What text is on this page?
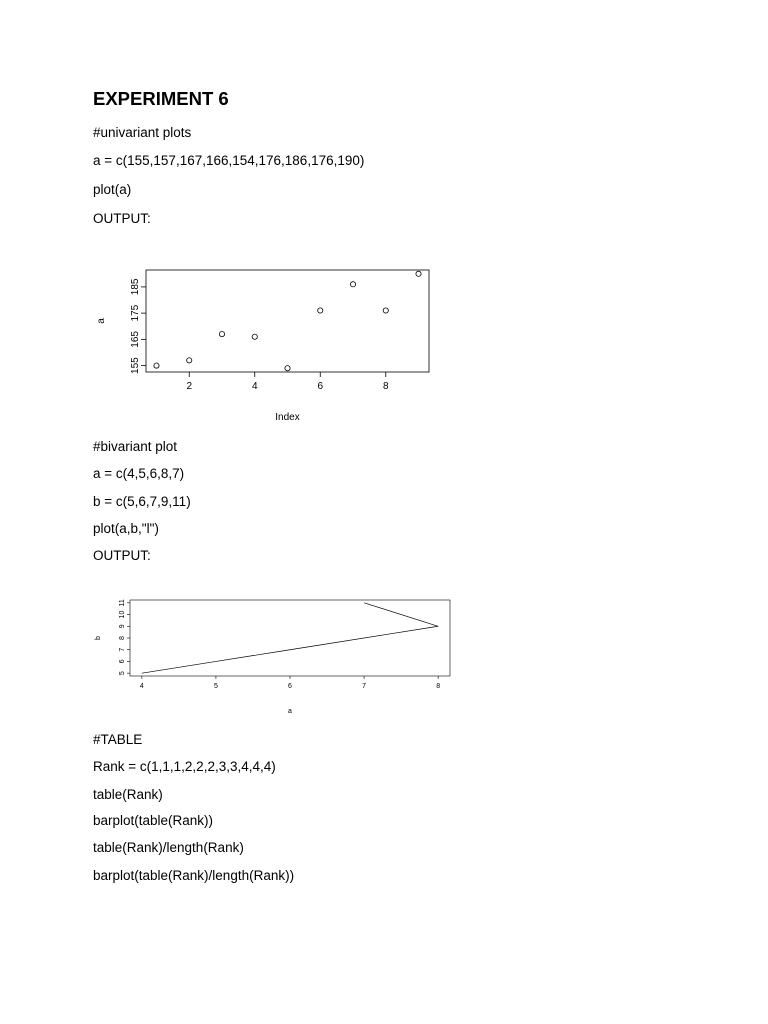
EXPERIMENT 6
#univariant plots
a = c(155,157,167,166,154,176,186,176,190)
plot(a)
OUTPUT:
2	4	6	8
155
165
175
185
Index
a
#bivariant plot
a = c(4,5,6,8,7)
b = c(5,6,7,9,11)
plot(a,b,"l")
OUTPUT:
4	5	6	7	8
5
6
7
8
9
10
11
a
b
#TABLE
Rank = c(1,1,1,2,2,2,3,3,4,4,4)
table(Rank)
barplot(table(Rank))
table(Rank)/length(Rank)
barplot(table(Rank)/length(Rank))
